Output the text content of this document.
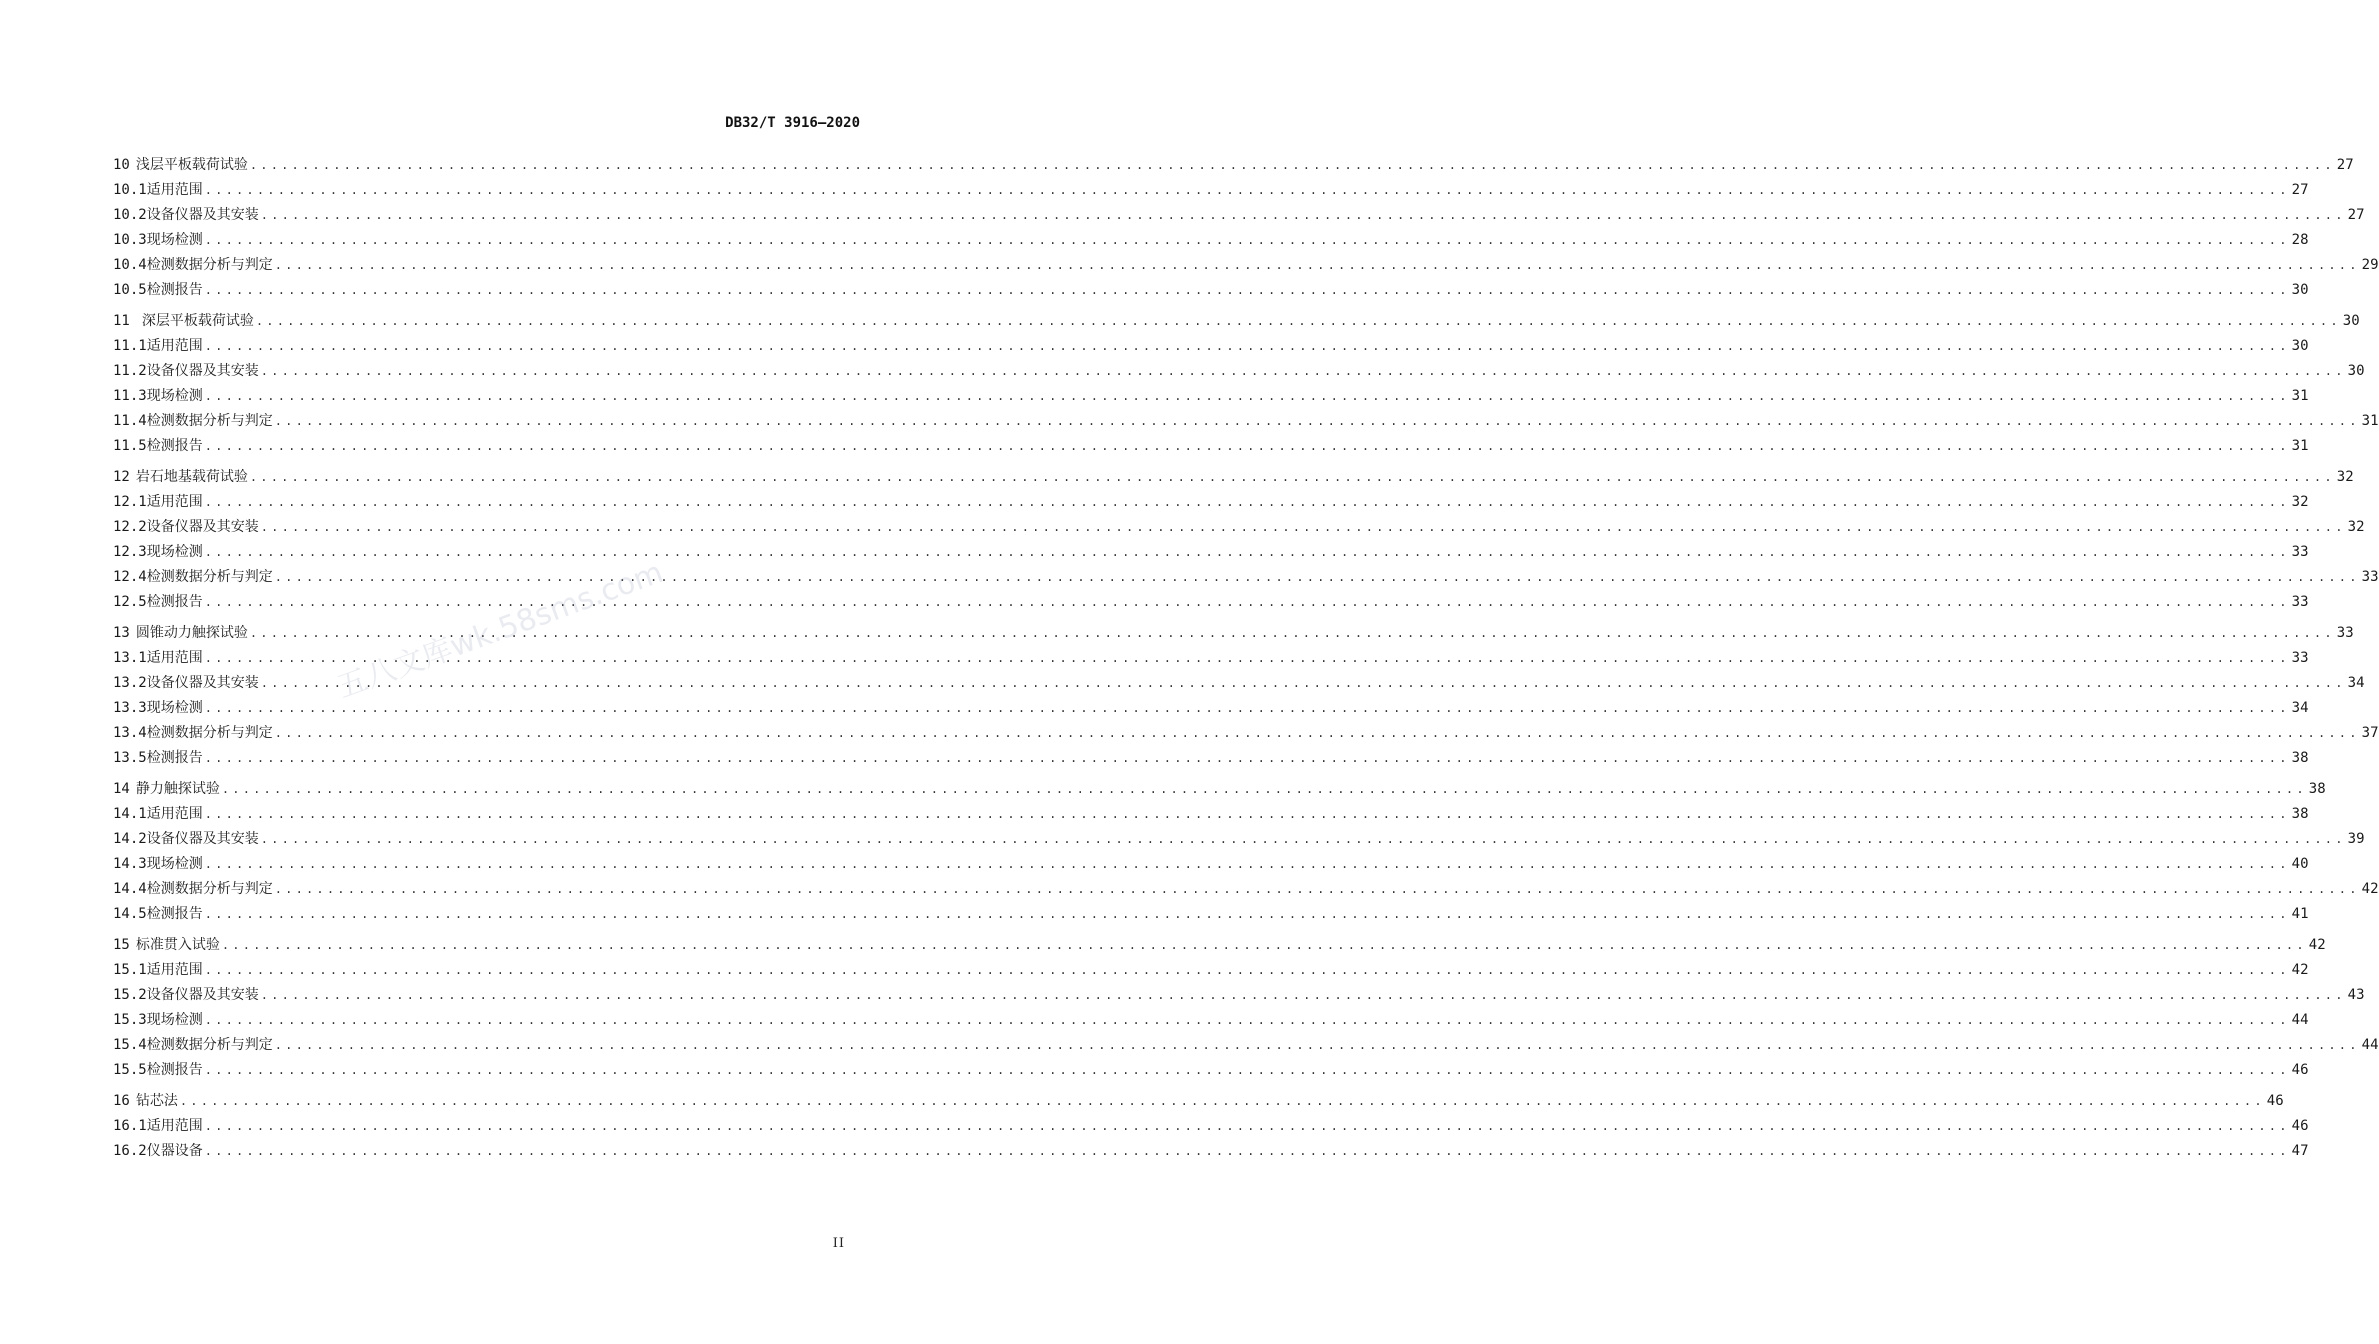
DB32/T 3916—2020
10 浅层平板载荷试验 ........................................................................................................................................................................................................ 27
10.1 适用范围 ........................................................................................................................................................................................................ 27
10.2 设备仪器及其安装 ........................................................................................................................................................................................................ 27
10.3 现场检测 ........................................................................................................................................................................................................ 28
10.4 检测数据分析与判定 ........................................................................................................................................................................................................ 29
10.5 检测报告 ........................................................................................................................................................................................................ 30
11 深层平板载荷试验 ........................................................................................................................................................................................................ 30
11.1 适用范围 ........................................................................................................................................................................................................ 30
11.2 设备仪器及其安装 ........................................................................................................................................................................................................ 30
11.3 现场检测 ........................................................................................................................................................................................................ 31
11.4 检测数据分析与判定 ........................................................................................................................................................................................................ 31
11.5 检测报告 ........................................................................................................................................................................................................ 31
12 岩石地基载荷试验 ........................................................................................................................................................................................................ 32
12.1 适用范围 ........................................................................................................................................................................................................ 32
12.2 设备仪器及其安装 ........................................................................................................................................................................................................ 32
12.3 现场检测 ........................................................................................................................................................................................................ 33
12.4 检测数据分析与判定 ........................................................................................................................................................................................................ 33
12.5 检测报告 ........................................................................................................................................................................................................ 33
13 圆锥动力触探试验 ........................................................................................................................................................................................................ 33
13.1 适用范围 ........................................................................................................................................................................................................ 33
13.2 设备仪器及其安装 ........................................................................................................................................................................................................ 34
13.3 现场检测 ........................................................................................................................................................................................................ 34
13.4 检测数据分析与判定 ........................................................................................................................................................................................................ 37
13.5 检测报告 ........................................................................................................................................................................................................ 38
14 静力触探试验 ........................................................................................................................................................................................................ 38
14.1 适用范围 ........................................................................................................................................................................................................ 38
14.2 设备仪器及其安装 ........................................................................................................................................................................................................ 39
14.3 现场检测 ........................................................................................................................................................................................................ 40
14.4 检测数据分析与判定 ........................................................................................................................................................................................................ 42
14.5 检测报告 ........................................................................................................................................................................................................ 41
15 标准贯入试验 ........................................................................................................................................................................................................ 42
15.1 适用范围 ........................................................................................................................................................................................................ 42
15.2 设备仪器及其安装 ........................................................................................................................................................................................................ 43
15.3 现场检测 ........................................................................................................................................................................................................ 44
15.4 检测数据分析与判定 ........................................................................................................................................................................................................ 44
15.5 检测报告 ........................................................................................................................................................................................................ 46
16 钻芯法 ........................................................................................................................................................................................................ 46
16.1 适用范围 ........................................................................................................................................................................................................ 46
16.2 仪器设备 ........................................................................................................................................................................................................ 47
五八文库wk.58sms.com
II
